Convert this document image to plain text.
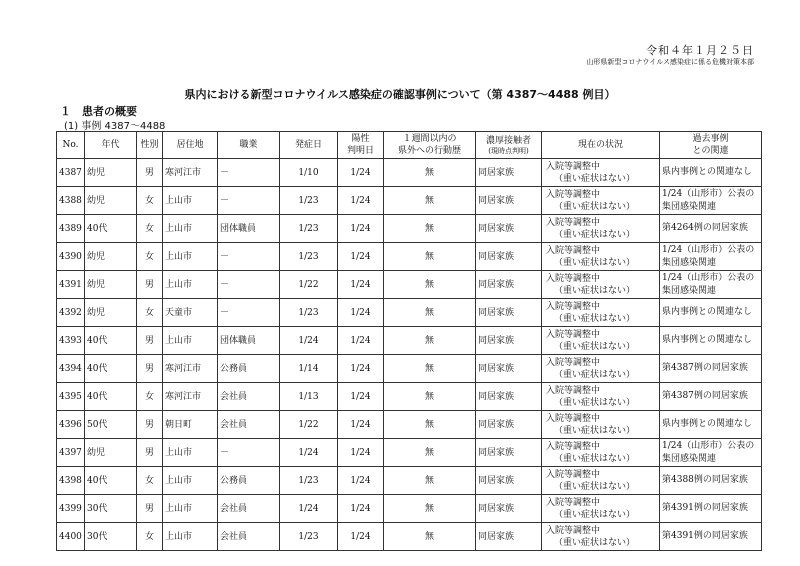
令和４年１月２５日
山形県新型コロナウイルス感染症に係る危機対策本部
県内における新型コロナウイルス感染症の確認事例について（第 4387～4488 例目）
１　患者の概要
(1) 事例 4387～4488
No.	年代	性別	居住地	職業	発症日	陽性
判明日	１週間以内の
県外への行動歴	濃厚接触者
(現時点判明)	現在の状況	過去事例
との関連
4387	幼児	男	寒河江市	－	1/10	1/24	無	同居家族	入院等調整中
（重い症状はない）	県内事例との関連なし
4388	幼児	女	上山市	－	1/23	1/24	無	同居家族	入院等調整中
（重い症状はない）	1/24（山形市）公表の集団感染関連
4389	40代	女	上山市	団体職員	1/23	1/24	無	同居家族	入院等調整中
（重い症状はない）	第4264例の同居家族
4390	幼児	女	上山市	－	1/23	1/24	無	同居家族	入院等調整中
（重い症状はない）	1/24（山形市）公表の集団感染関連
4391	幼児	男	上山市	－	1/22	1/24	無	同居家族	入院等調整中
（重い症状はない）	1/24（山形市）公表の集団感染関連
4392	幼児	女	天童市	－	1/23	1/24	無	同居家族	入院等調整中
（重い症状はない）	県内事例との関連なし
4393	40代	男	上山市	団体職員	1/24	1/24	無	同居家族	入院等調整中
（重い症状はない）	県内事例との関連なし
4394	40代	男	寒河江市	公務員	1/14	1/24	無	同居家族	入院等調整中
（重い症状はない）	第4387例の同居家族
4395	40代	女	寒河江市	会社員	1/13	1/24	無	同居家族	入院等調整中
（重い症状はない）	第4387例の同居家族
4396	50代	男	朝日町	会社員	1/22	1/24	無	同居家族	入院等調整中
（重い症状はない）	県内事例との関連なし
4397	幼児	男	上山市	－	1/24	1/24	無	同居家族	入院等調整中
（重い症状はない）	1/24（山形市）公表の集団感染関連
4398	40代	女	上山市	公務員	1/23	1/24	無	同居家族	入院等調整中
（重い症状はない）	第4388例の同居家族
4399	30代	男	上山市	会社員	1/24	1/24	無	同居家族	入院等調整中
（重い症状はない）	第4391例の同居家族
4400	30代	女	上山市	会社員	1/23	1/24	無	同居家族	入院等調整中
（重い症状はない）	第4391例の同居家族
